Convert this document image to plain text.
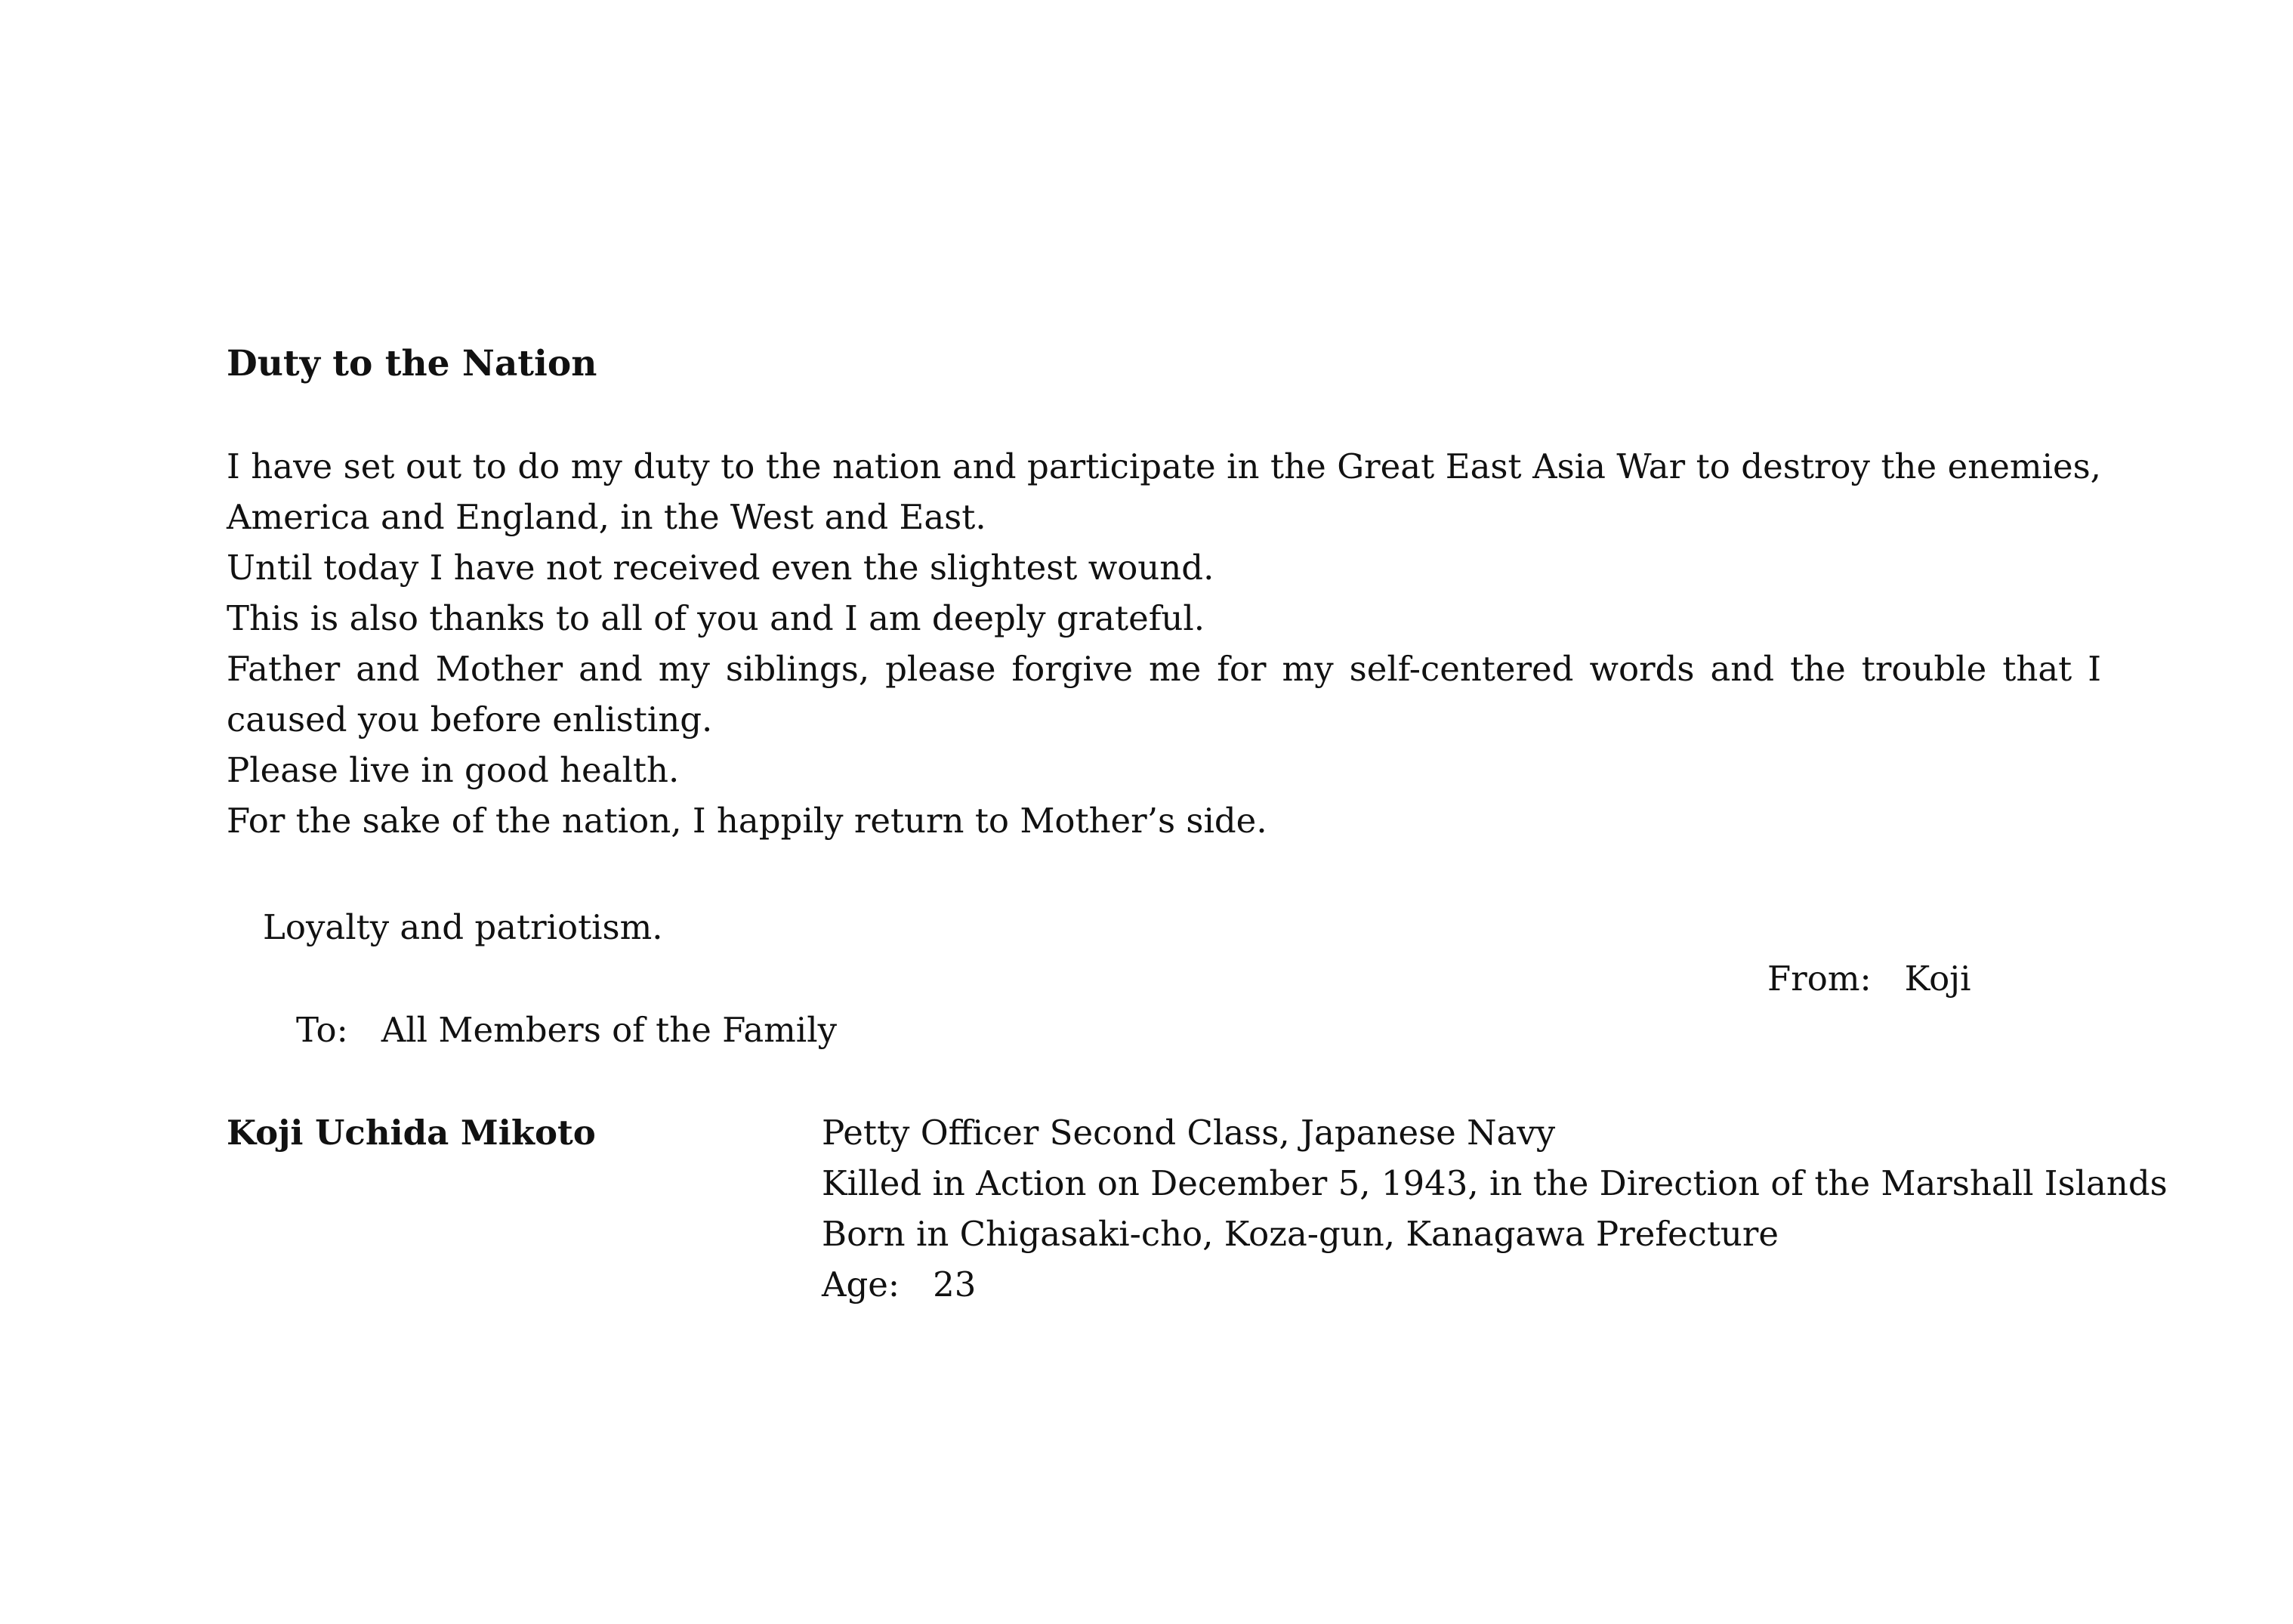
Duty to the Nation

I have set out to do my duty to the nation and participate in the Great East Asia War to destroy the enemies, America and England, in the West and East.

Until today I have not received even the slightest wound.

This is also thanks to all of you and I am deeply grateful.

Father and Mother and my siblings, please forgive me for my self-centered words and the trouble that I caused you before enlisting.

Please live in good health.

For the sake of the nation, I happily return to Mother’s side.

Loyalty and patriotism.
From: Koji
To: All Members of the Family
Koji Uchida Mikoto	Petty Officer Second Class, Japanese Navy
Killed in Action on December 5, 1943, in the Direction of the Marshall Islands
Born in Chigasaki-cho, Koza-gun, Kanagawa Prefecture
Age: 23
